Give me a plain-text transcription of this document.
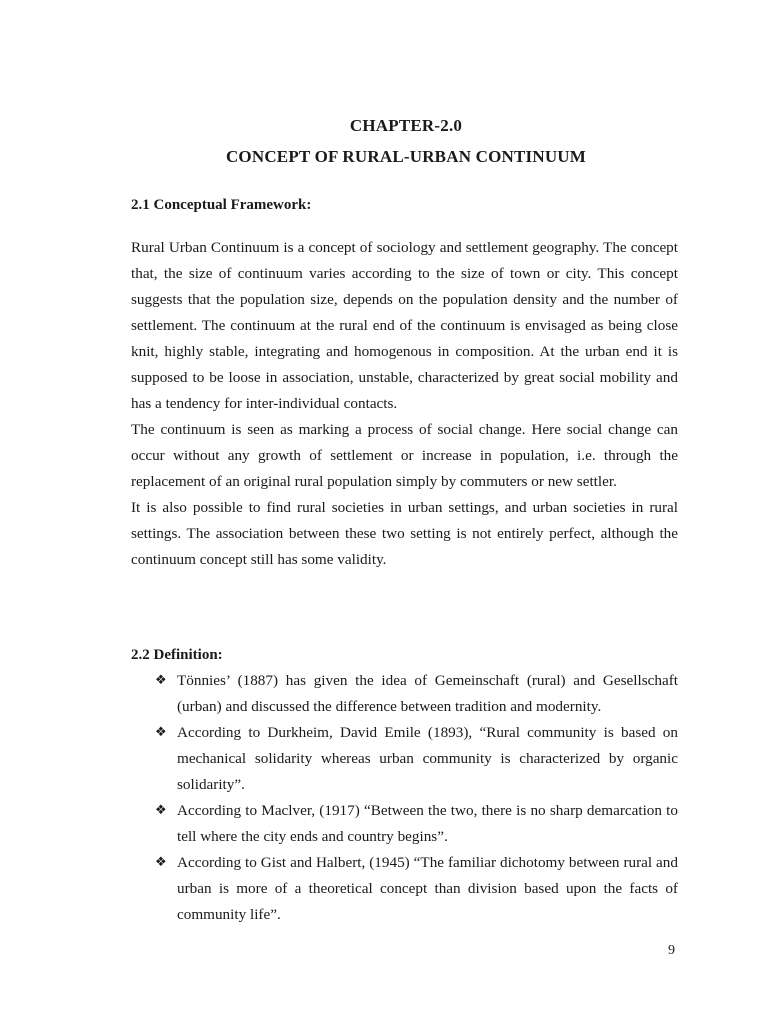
CHAPTER-2.0
CONCEPT OF RURAL-URBAN CONTINUUM
2.1 Conceptual Framework:

Rural Urban Continuum is a concept of sociology and settlement geography. The concept that, the size of continuum varies according to the size of town or city. This concept suggests that the population size, depends on the population density and the number of settlement. The continuum at the rural end of the continuum is envisaged as being close knit, highly stable, integrating and homogenous in composition. At the urban end it is supposed to be loose in association, unstable, characterized by great social mobility and has a tendency for inter-individual contacts.

The continuum is seen as marking a process of social change. Here social change can occur without any growth of settlement or increase in population, i.e. through the replacement of an original rural population simply by commuters or new settler.

It is also possible to find rural societies in urban settings, and urban societies in rural settings. The association between these two setting is not entirely perfect, although the continuum concept still has some validity.

2.2 Definition:
❖ Tönnies’ (1887) has given the idea of Gemeinschaft (rural) and Gesellschaft (urban) and discussed the difference between tradition and modernity.
❖ According to Durkheim, David Emile (1893), “Rural community is based on mechanical solidarity whereas urban community is characterized by organic solidarity”.
❖ According to Maclver, (1917) “Between the two, there is no sharp demarcation to tell where the city ends and country begins”.
❖ According to Gist and Halbert, (1945) “The familiar dichotomy between rural and urban is more of a theoretical concept than division based upon the facts of community life”.
9
